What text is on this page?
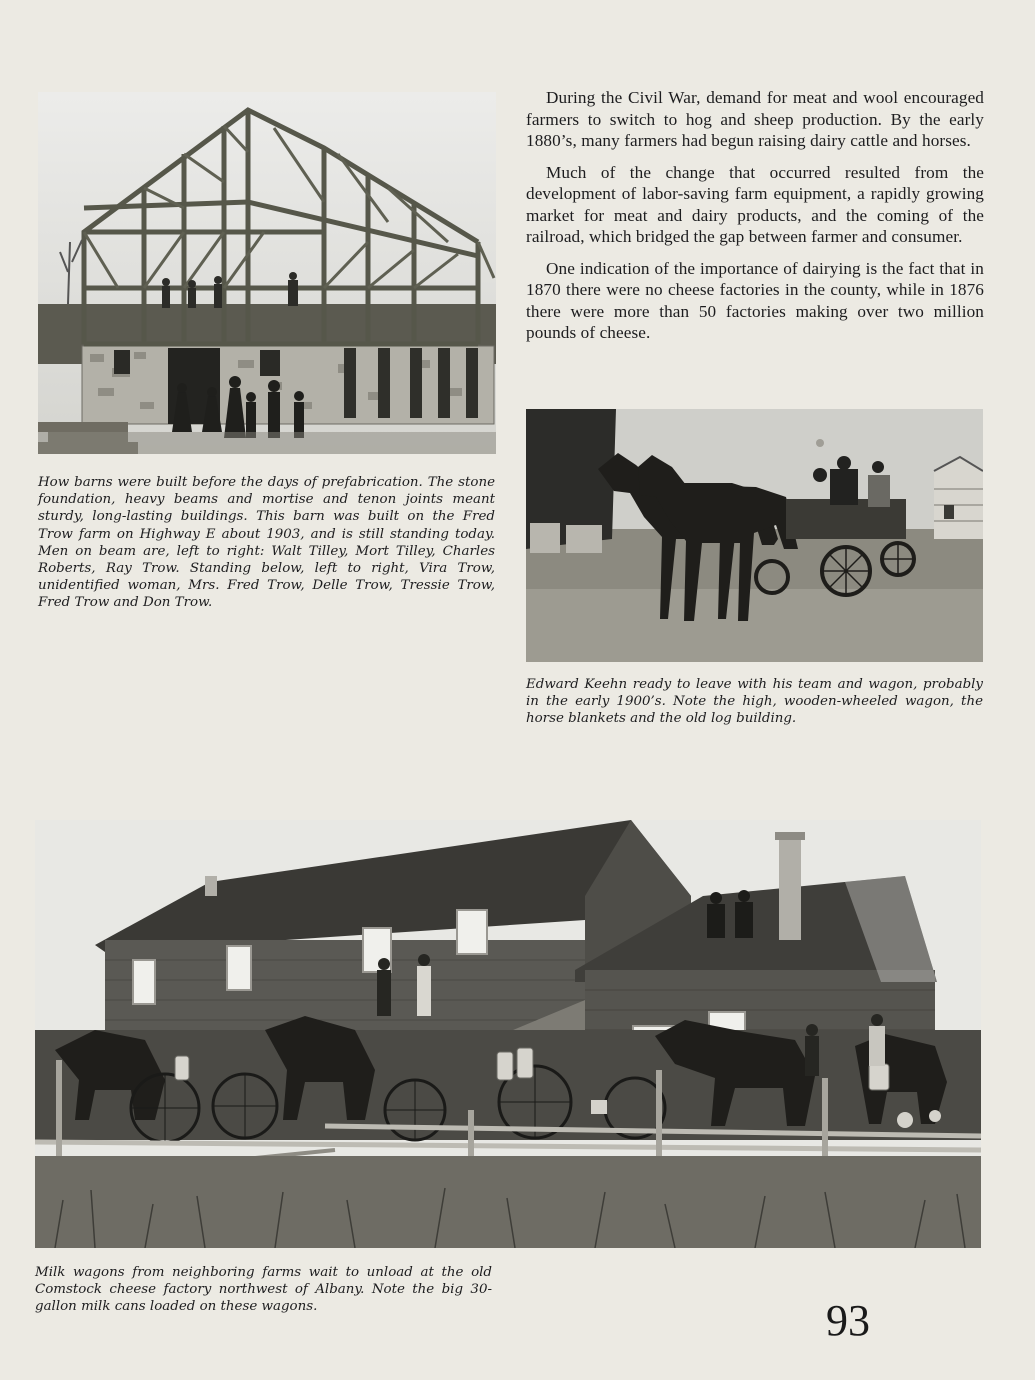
During the Civil War, demand for meat and wool encouraged farmers to switch to hog and sheep production. By the early 1880’s, many farmers had begun raising dairy cattle and horses.

Much of the change that occurred resulted from the development of labor-saving farm equipment, a rapidly growing market for meat and dairy products, and the coming of the railroad, which bridged the gap between farmer and consumer.

One indication of the importance of dairying is the fact that in 1870 there were no cheese factories in the county, while in 1876 there were more than 50 factories making over two million pounds of cheese.

How barns were built before the days of prefabrication. The stone foundation, heavy beams and mortise and tenon joints meant sturdy, long-lasting buildings. This barn was built on the Fred Trow farm on Highway E about 1903, and is still standing today. Men on beam are, left to right: Walt Tilley, Mort Tilley, Charles Roberts, Ray Trow. Standing below, left to right, Vira Trow, unidentified woman, Mrs. Fred Trow, Delle Trow, Tressie Trow, Fred Trow and Don Trow.

Edward Keehn ready to leave with his team and wagon, probably in the early 1900’s. Note the high, wooden-wheeled wagon, the horse blankets and the old log building.

Milk wagons from neighboring farms wait to unload at the old Comstock cheese factory northwest of Albany. Note the big 30-gallon milk cans loaded on these wagons.	93
